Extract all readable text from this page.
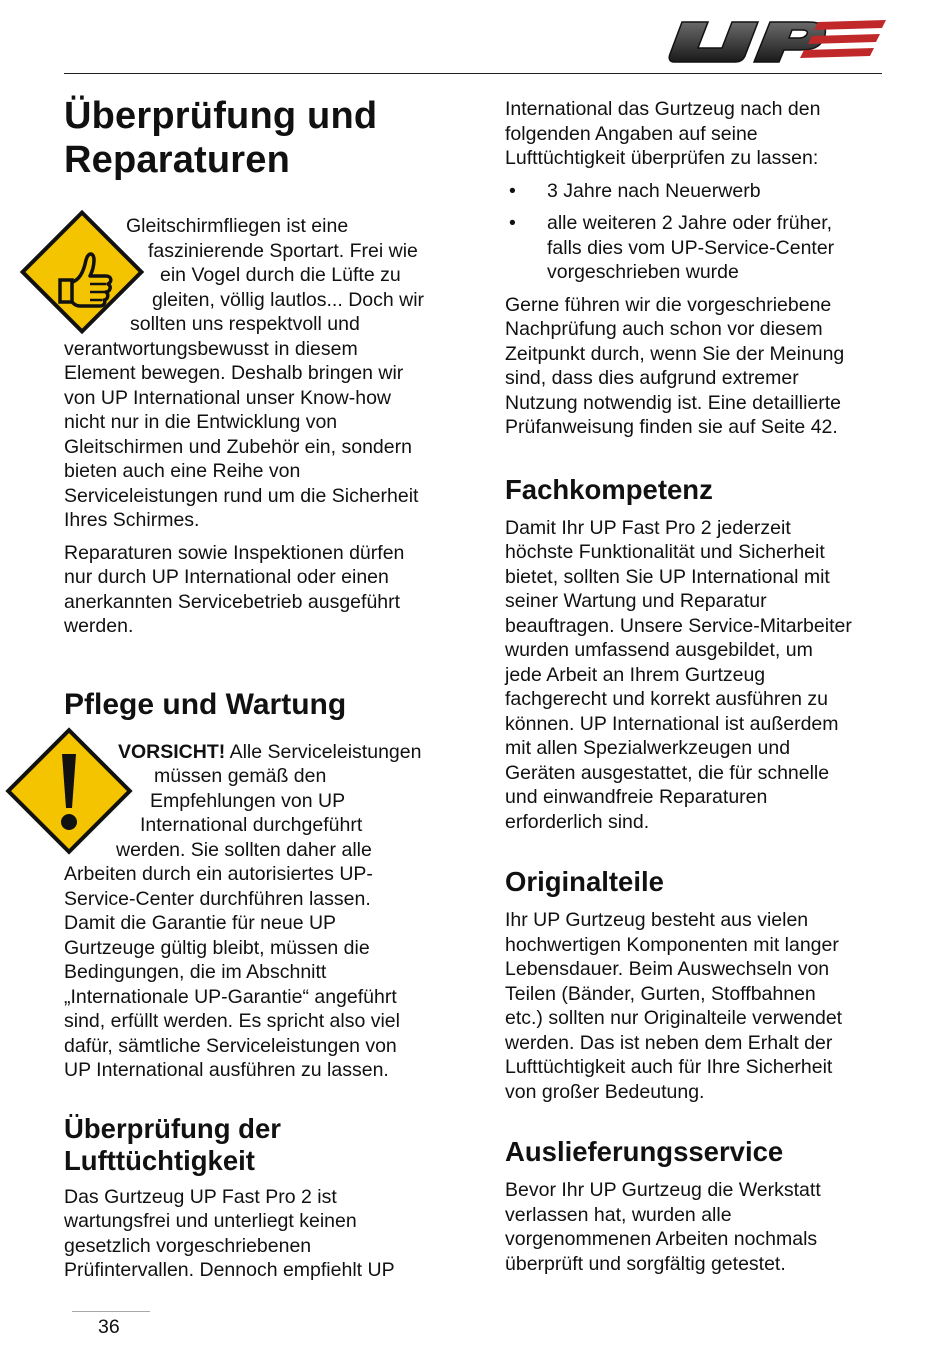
UP
Überprüfung und
Reparaturen

Gleitschirmfliegen ist eine
faszinierende Sportart. Frei wie
ein Vogel durch die Lüfte zu
gleiten, völlig lautlos... Doch wir
sollten uns respektvoll und
verantwortungsbewusst in diesem
Element bewegen. Deshalb bringen wir
von UP International unser Know-how
nicht nur in die Entwicklung von
Gleitschirmen und Zubehör ein, sondern
bieten auch eine Reihe von
Serviceleistungen rund um die Sicherheit
Ihres Schirmes.

Reparaturen sowie Inspektionen dürfen
nur durch UP International oder einen
anerkannten Servicebetrieb ausgeführt
werden.

Pflege und Wartung

VORSICHT! Alle Serviceleistungen
müssen gemäß den
Empfehlungen von UP
International durchgeführt
werden. Sie sollten daher alle
Arbeiten durch ein autorisiertes UP-
Service-Center durchführen lassen.
Damit die Garantie für neue UP
Gurtzeuge gültig bleibt, müssen die
Bedingungen, die im Abschnitt
„Internationale UP-Garantie“ angeführt
sind, erfüllt werden. Es spricht also viel
dafür, sämtliche Serviceleistungen von
UP International ausführen zu lassen.

Überprüfung der
Lufttüchtigkeit

Das Gurtzeug UP Fast Pro 2 ist
wartungsfrei und unterliegt keinen
gesetzlich vorgeschriebenen
Prüfintervallen. Dennoch empfiehlt UP

International das Gurtzeug nach den
folgenden Angaben auf seine
Lufttüchtigkeit überprüfen zu lassen:

• 3 Jahre nach Neuerwerb
• alle weiteren 2 Jahre oder früher,
falls dies vom UP-Service-Center
vorgeschrieben wurde

Gerne führen wir die vorgeschriebene
Nachprüfung auch schon vor diesem
Zeitpunkt durch, wenn Sie der Meinung
sind, dass dies aufgrund extremer
Nutzung notwendig ist. Eine detaillierte
Prüfanweisung finden sie auf Seite 42.

Fachkompetenz

Damit Ihr UP Fast Pro 2 jederzeit
höchste Funktionalität und Sicherheit
bietet, sollten Sie UP International mit
seiner Wartung und Reparatur
beauftragen. Unsere Service-Mitarbeiter
wurden umfassend ausgebildet, um
jede Arbeit an Ihrem Gurtzeug
fachgerecht und korrekt ausführen zu
können. UP International ist außerdem
mit allen Spezialwerkzeugen und
Geräten ausgestattet, die für schnelle
und einwandfreie Reparaturen
erforderlich sind.

Originalteile

Ihr UP Gurtzeug besteht aus vielen
hochwertigen Komponenten mit langer
Lebensdauer. Beim Auswechseln von
Teilen (Bänder, Gurten, Stoffbahnen
etc.) sollten nur Originalteile verwendet
werden. Das ist neben dem Erhalt der
Lufttüchtigkeit auch für Ihre Sicherheit
von großer Bedeutung.

Auslieferungsservice

Bevor Ihr UP Gurtzeug die Werkstatt
verlassen hat, wurden alle
vorgenommenen Arbeiten nochmals
überprüft und sorgfältig getestet.

36
